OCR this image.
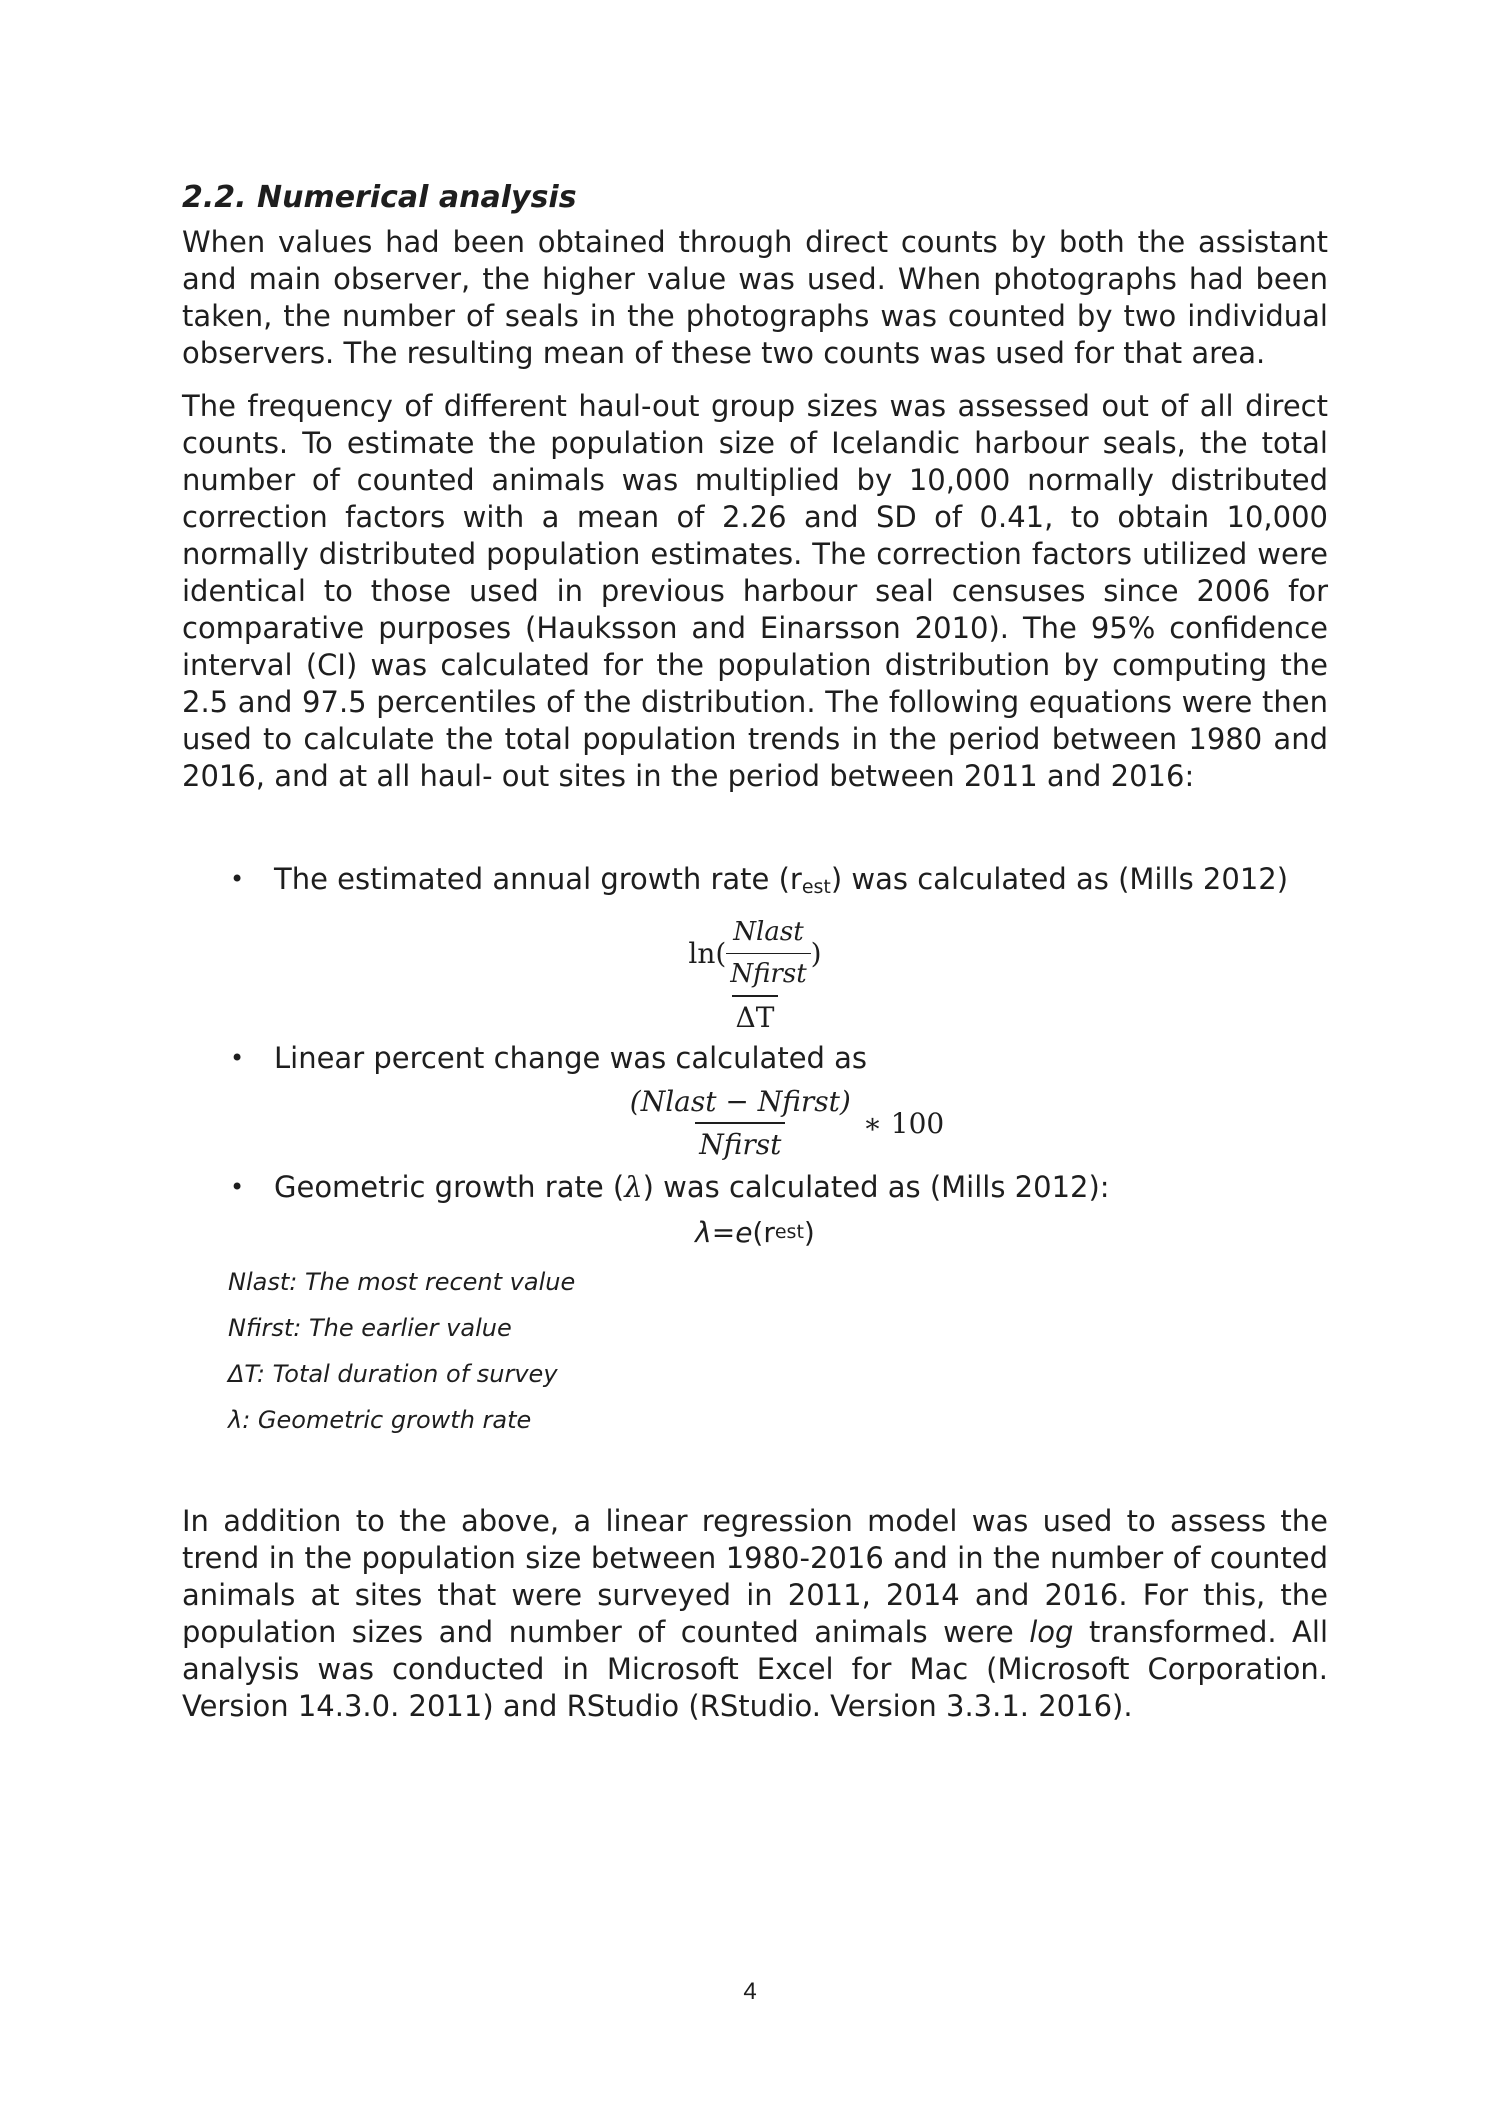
2.2. Numerical analysis

When values had been obtained through direct counts by both the assistant and main observer, the higher value was used. When photographs had been taken, the number of seals in the photographs was counted by two individual observers. The resulting mean of these two counts was used for that area.

The frequency of different haul-out group sizes was assessed out of all direct counts. To estimate the population size of Icelandic harbour seals, the total number of counted animals was multiplied by 10,000 normally distributed correction factors with a mean of 2.26 and SD of 0.41, to obtain 10,000 normally distributed population estimates. The correction factors utilized were identical to those used in previous harbour seal censuses since 2006 for comparative purposes (Hauksson and Einarsson 2010). The 95% confidence interval (CI) was calculated for the population distribution by computing the 2.5 and 97.5 percentiles of the distribution. The following equations were then used to calculate the total population trends in the period between 1980 and 2016, and at all haul- out sites in the period between 2011 and 2016:

• The estimated annual growth rate $(r_{est})$ was calculated as (Mills 2012)
$\ln( \frac{\text{Nlast}}{\text{Nfirst}}$ )
ΔT
• Linear percent change was calculated as
$\frac{\text{(Nlast − Nfirst)}}{\text{Nfirst}}$ ∗ 100
• Geometric growth rate (λ) was calculated as (Mills 2012):
λ = e (r est )
Nlast: The most recent value
Nfirst: The earlier value
ΔT: Total duration of survey
λ: Geometric growth rate

In addition to the above, a linear regression model was used to assess the trend in the population size between 1980-2016 and in the number of counted animals at sites that were surveyed in 2011, 2014 and 2016. For this, the population sizes and number of counted animals were log transformed. All analysis was conducted in Microsoft Excel for Mac (Microsoft Corporation. Version 14.3.0. 2011) and RStudio (RStudio. Version 3.3.1. 2016).

4
